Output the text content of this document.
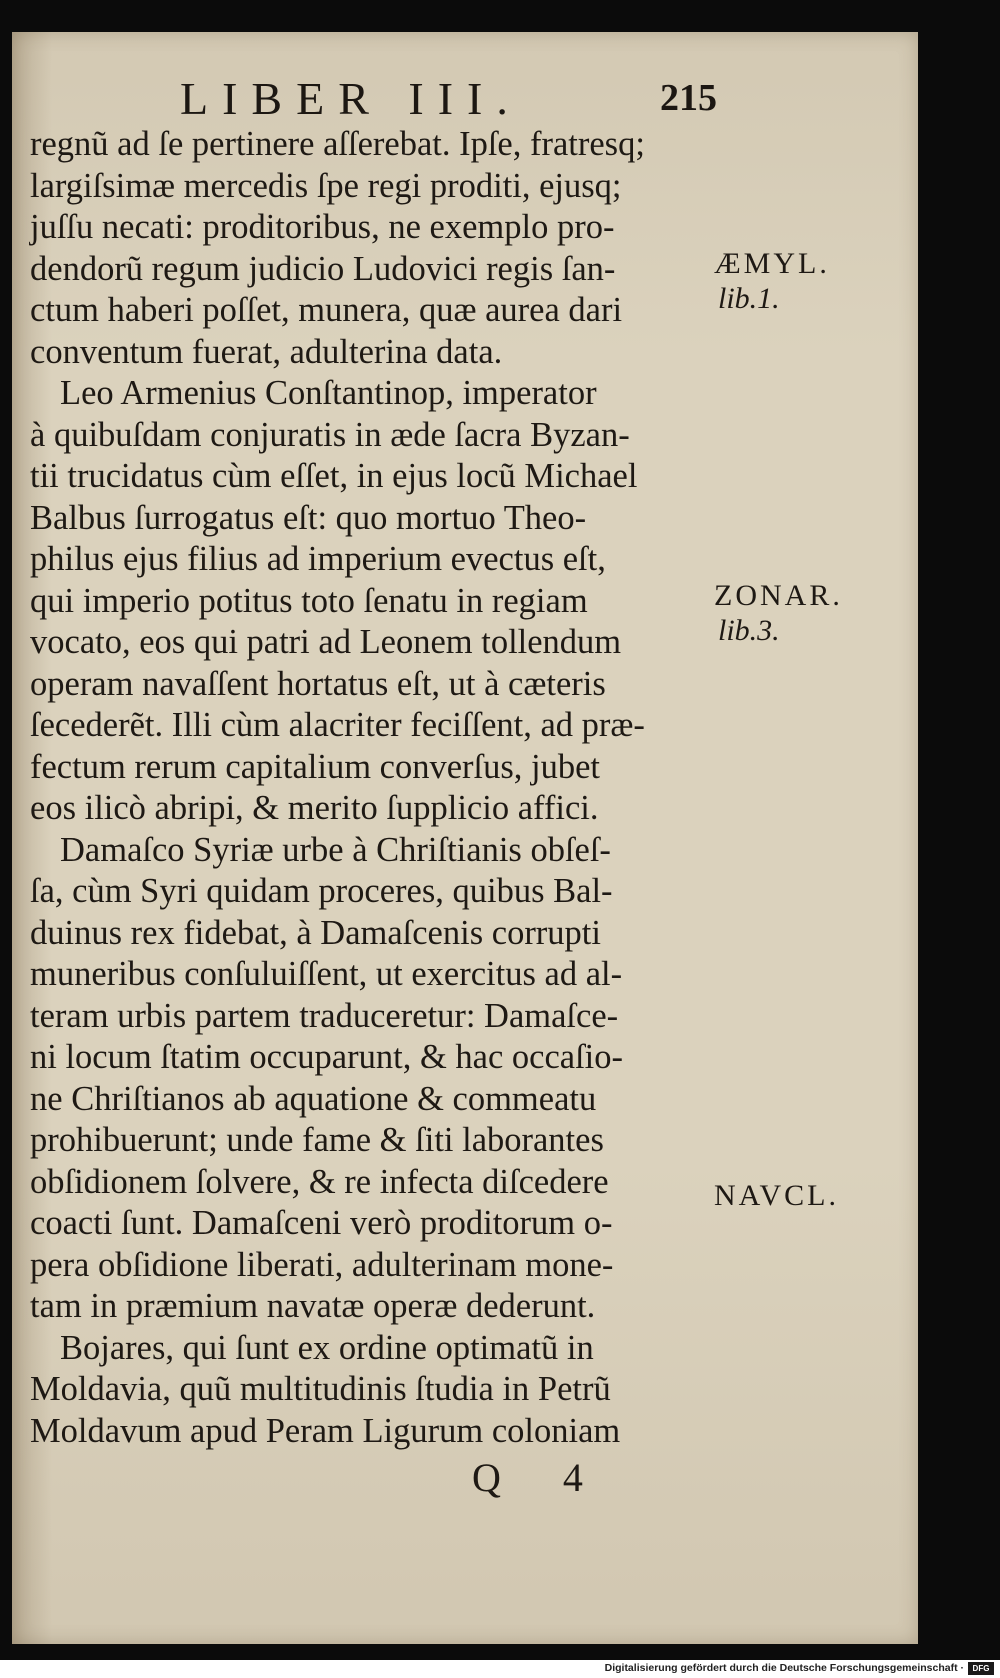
LIBER III.	215
regnũ ad ſe pertinere aſſerebat. Ipſe, fratresq;
largiſsimæ mercedis ſpe regi proditi, ejusq;
juſſu necati: proditoribus, ne exemplo pro-
dendorũ regum judicio Ludovici regis ſan-
ctum haberi poſſet, munera, quæ aurea dari
conventum fuerat, adulterina data.
Leo Armenius Conſtantinop, imperator
à quibuſdam conjuratis in æde ſacra Byzan-
tii trucidatus cùm eſſet, in ejus locũ Michael
Balbus ſurrogatus eſt: quo mortuo Theo-
philus ejus filius ad imperium evectus eſt,
qui imperio potitus toto ſenatu in regiam
vocato, eos qui patri ad Leonem tollendum
operam navaſſent hortatus eſt, ut à cæteris
ſecederẽt. Illi cùm alacriter feciſſent, ad præ-
fectum rerum capitalium converſus, jubet
eos ilicò abripi, & merito ſupplicio affici.
Damaſco Syriæ urbe à Chriſtianis obſeſ-
ſa, cùm Syri quidam proceres, quibus Bal-
duinus rex fidebat, à Damaſcenis corrupti
muneribus conſuluiſſent, ut exercitus ad al-
teram urbis partem traduceretur: Damaſce-
ni locum ſtatim occuparunt, & hac occaſio-
ne Chriſtianos ab aquatione & commeatu
prohibuerunt; unde fame & ſiti laborantes
obſidionem ſolvere, & re infecta diſcedere
coacti ſunt. Damaſceni verò proditorum o-
pera obſidione liberati, adulterinam mone-
tam in præmium navatæ operæ dederunt.
Bojares, qui ſunt ex ordine optimatũ in
Moldavia, quũ multitudinis ſtudia in Petrũ
Moldavum apud Peram Ligurum coloniam
ÆMYL.
lib.1.
ZONAR.
lib.3.
NAVCL.
Q 4
Digitalisierung gefördert durch die Deutsche Forschungsgemeinschaft ·	DFG
